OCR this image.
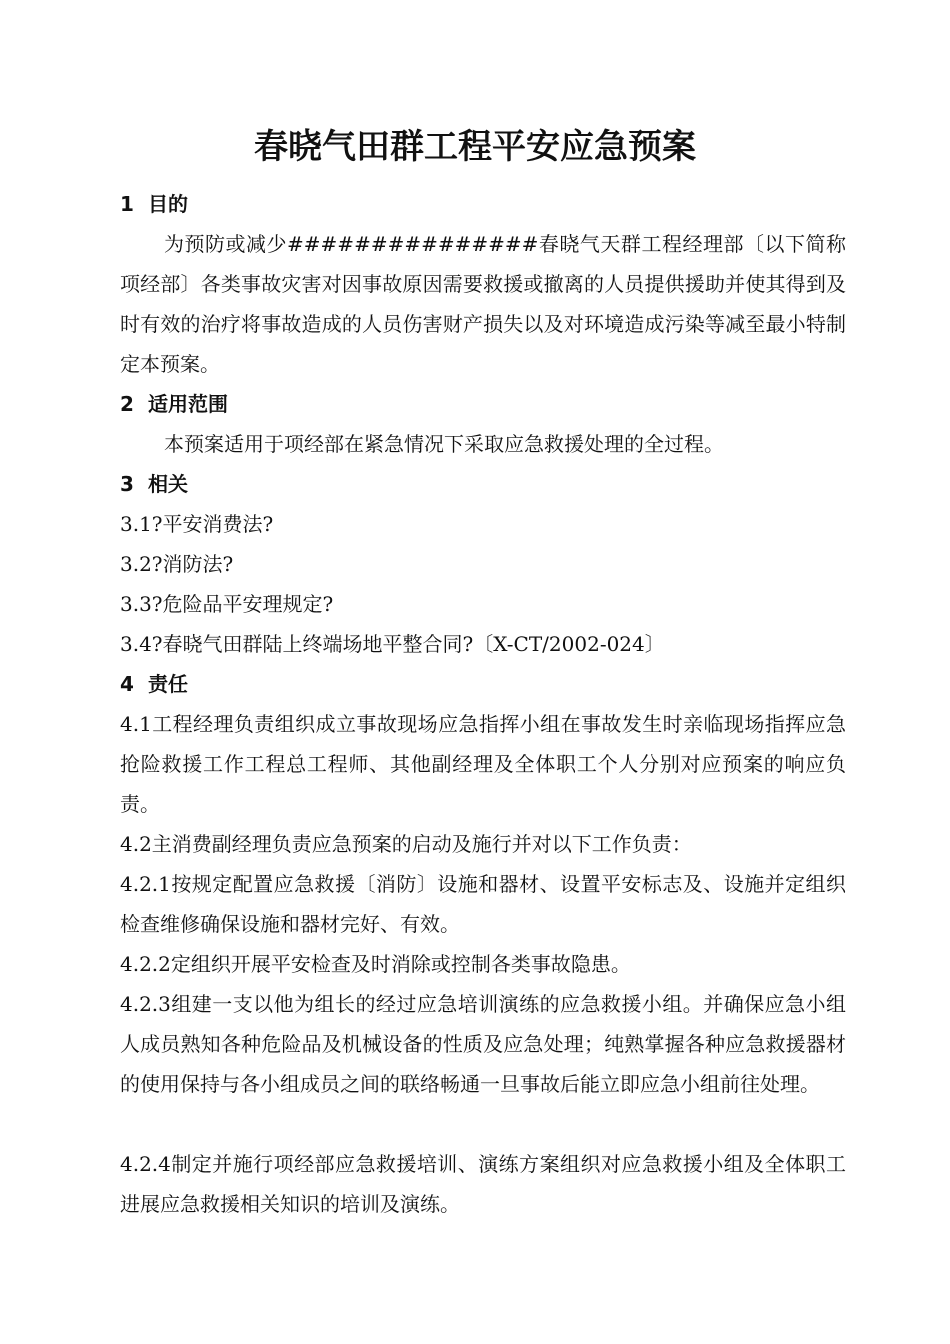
春晓气田群工程平安应急预案
1 目的

为预防或减少###############春晓气天群工程经理部〔以下简称项经部〕各类事故灾害对因事故原因需要救援或撤离的人员提供援助并使其得到及时有效的治疗将事故造成的人员伤害财产损失以及对环境造成污染等减至最小特制定本预案。

2 适用范围

本预案适用于项经部在紧急情况下采取应急救援处理的全过程。

3 相关

3.1?平安消费法?

3.2?消防法?

3.3?危险品平安理规定?

3.4?春晓气田群陆上终端场地平整合同?〔X-CT/2002-024〕

4 责任

4.1工程经理负责组织成立事故现场应急指挥小组在事故发生时亲临现场指挥应急抢险救援工作工程总工程师、其他副经理及全体职工个人分别对应预案的响应负责。

4.2主消费副经理负责应急预案的启动及施行并对以下工作负责：

4.2.1按规定配置应急救援〔消防〕设施和器材、设置平安标志及、设施并定组织检查维修确保设施和器材完好、有效。

4.2.2定组织开展平安检查及时消除或控制各类事故隐患。

4.2.3组建一支以他为组长的经过应急培训演练的应急救援小组。并确保应急小组人成员熟知各种危险品及机械设备的性质及应急处理；纯熟掌握各种应急救援器材的使用保持与各小组成员之间的联络畅通一旦事故后能立即应急小组前往处理。

4.2.4制定并施行项经部应急救援培训、演练方案组织对应急救援小组及全体职工进展应急救援相关知识的培训及演练。
